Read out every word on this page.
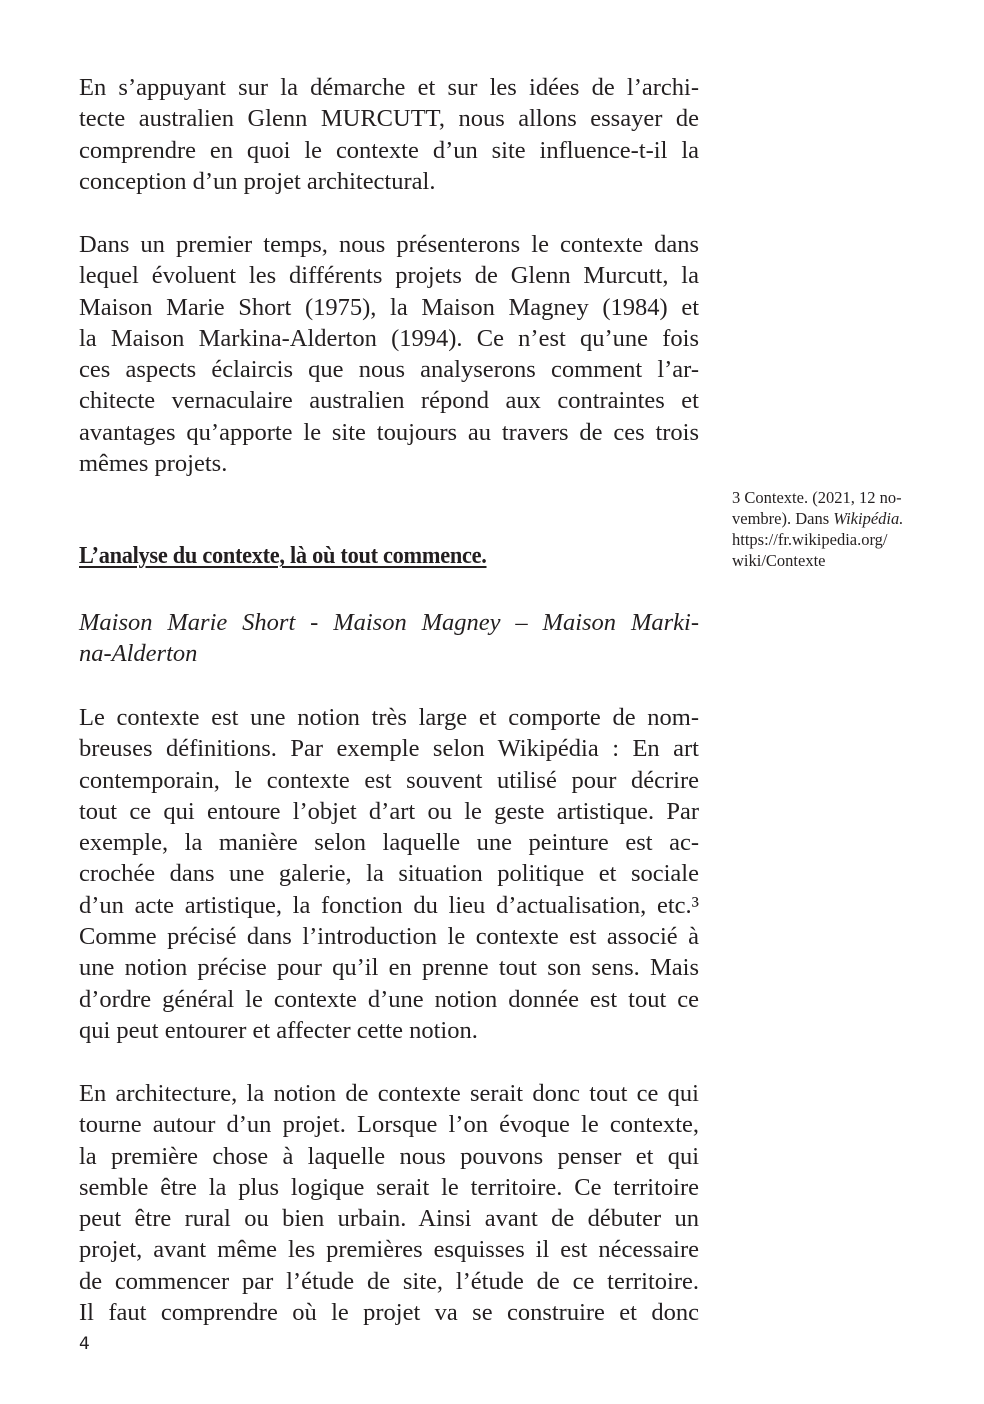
En s’appuyant sur la démarche et sur les idées de l’archi-
tecte australien Glenn MURCUTT, nous allons essayer de
comprendre en quoi le contexte d’un site influence-t-il la
conception d’un projet architectural.
Dans un premier temps, nous présenterons le contexte dans
lequel évoluent les différents projets de Glenn Murcutt, la
Maison Marie Short (1975), la Maison Magney (1984) et
la Maison Markina-Alderton (1994). Ce n’est qu’une fois
ces aspects éclaircis que nous analyserons comment l’ar-
chitecte vernaculaire australien répond aux contraintes et
avantages qu’apporte le site toujours au travers de ces trois
mêmes projets.
L’analyse du contexte, là où tout commence.
Maison Marie Short - Maison Magney – Maison Marki-
na-Alderton
Le contexte est une notion très large et comporte de nom-
breuses définitions. Par exemple selon Wikipédia : En art
contemporain, le contexte est souvent utilisé pour décrire
tout ce qui entoure l’objet d’art ou le geste artistique. Par
exemple, la manière selon laquelle une peinture est ac-
crochée dans une galerie, la situation politique et sociale
d’un acte artistique, la fonction du lieu d’actualisation, etc.³
Comme précisé dans l’introduction le contexte est associé à
une notion précise pour qu’il en prenne tout son sens. Mais
d’ordre général le contexte d’une notion donnée est tout ce
qui peut entourer et affecter cette notion.
En architecture, la notion de contexte serait donc tout ce qui
tourne autour d’un projet. Lorsque l’on évoque le contexte,
la première chose à laquelle nous pouvons penser et qui
semble être la plus logique serait le territoire. Ce territoire
peut être rural ou bien urbain. Ainsi avant de débuter un
projet, avant même les premières esquisses il est nécessaire
de commencer par l’étude de site, l’étude de ce territoire.
Il faut comprendre où le projet va se construire et donc
3 Contexte. (2021, 12 no-
vembre). Dans Wikipédia.
https://fr.wikipedia.org/
wiki/Contexte
4
